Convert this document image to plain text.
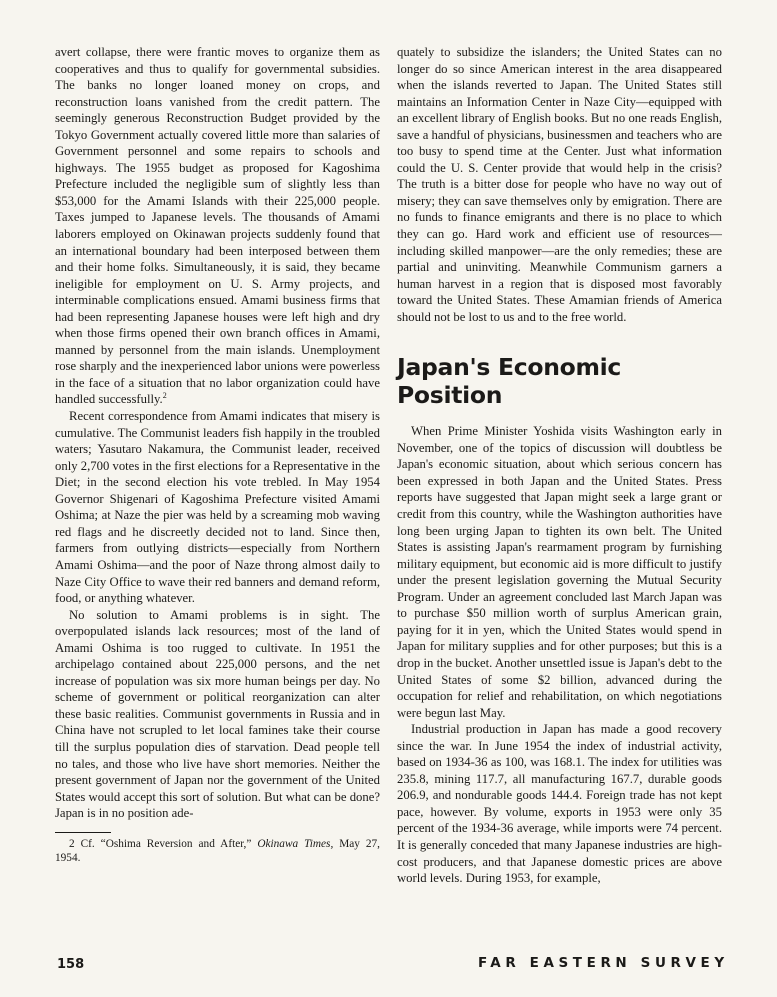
avert collapse, there were frantic moves to organize them as cooperatives and thus to qualify for governmental subsidies. The banks no longer loaned money on crops, and reconstruction loans vanished from the credit pattern. The seemingly generous Reconstruction Budget provided by the Tokyo Government actually covered little more than salaries of Government personnel and some repairs to schools and highways. The 1955 budget as proposed for Kagoshima Prefecture included the negligible sum of slightly less than $53,000 for the Amami Islands with their 225,000 people. Taxes jumped to Japanese levels. The thousands of Amami laborers employed on Okinawan projects suddenly found that an international boundary had been interposed between them and their home folks. Simultaneously, it is said, they became ineligible for employment on U. S. Army projects, and interminable complications ensued. Amami business firms that had been representing Japanese houses were left high and dry when those firms opened their own branch offices in Amami, manned by personnel from the main islands. Unemployment rose sharply and the inexperienced labor unions were powerless in the face of a situation that no labor organization could have handled successfully.$^2$

Recent correspondence from Amami indicates that misery is cumulative. The Communist leaders fish happily in the troubled waters; Yasutaro Nakamura, the Communist leader, received only 2,700 votes in the first elections for a Representative in the Diet; in the second election his vote trebled. In May 1954 Governor Shigenari of Kagoshima Prefecture visited Amami Oshima; at Naze the pier was held by a screaming mob waving red flags and he discreetly decided not to land. Since then, farmers from outlying districts—especially from Northern Amami Oshima—and the poor of Naze throng almost daily to Naze City Office to wave their red banners and demand reform, food, or anything whatever.

No solution to Amami problems is in sight. The overpopulated islands lack resources; most of the land of Amami Oshima is too rugged to cultivate. In 1951 the archipelago contained about 225,000 persons, and the net increase of population was six more human beings per day. No scheme of government or political reorganization can alter these basic realities. Communist governments in Russia and in China have not scrupled to let local famines take their course till the surplus population dies of starvation. Dead people tell no tales, and those who live have short memories. Neither the present government of Japan nor the government of the United States would accept this sort of solution. But what can be done? Japan is in no position ade-

2 Cf. “Oshima Reversion and After,” Okinawa Times, May 27, 1954.

quately to subsidize the islanders; the United States can no longer do so since American interest in the area disappeared when the islands reverted to Japan. The United States still maintains an Information Center in Naze City—equipped with an excellent library of English books. But no one reads English, save a handful of physicians, businessmen and teachers who are too busy to spend time at the Center. Just what information could the U. S. Center provide that would help in the crisis? The truth is a bitter dose for people who have no way out of misery; they can save themselves only by emigration. There are no funds to finance emigrants and there is no place to which they can go. Hard work and efficient use of resources—including skilled manpower—are the only remedies; these are partial and uninviting. Meanwhile Communism garners a human harvest in a region that is disposed most favorably toward the United States. These Amamian friends of America should not be lost to us and to the free world.

Japan's Economic Position

When Prime Minister Yoshida visits Washington early in November, one of the topics of discussion will doubtless be Japan's economic situation, about which serious concern has been expressed in both Japan and the United States. Press reports have suggested that Japan might seek a large grant or credit from this country, while the Washington authorities have long been urging Japan to tighten its own belt. The United States is assisting Japan's rearmament program by furnishing military equipment, but economic aid is more difficult to justify under the present legislation governing the Mutual Security Program. Under an agreement concluded last March Japan was to purchase $50 million worth of surplus American grain, paying for it in yen, which the United States would spend in Japan for military supplies and for other purposes; but this is a drop in the bucket. Another unsettled issue is Japan's debt to the United States of some $2 billion, advanced during the occupation for relief and rehabilitation, on which negotiations were begun last May.

Industrial production in Japan has made a good recovery since the war. In June 1954 the index of industrial activity, based on 1934-36 as 100, was 168.1. The index for utilities was 235.8, mining 117.7, all manufacturing 167.7, durable goods 206.9, and nondurable goods 144.4. Foreign trade has not kept pace, however. By volume, exports in 1953 were only 35 percent of the 1934-36 average, while imports were 74 percent. It is generally conceded that many Japanese industries are high-cost producers, and that Japanese domestic prices are above world levels. During 1953, for example,

158	FAR EASTERN SURVEY
